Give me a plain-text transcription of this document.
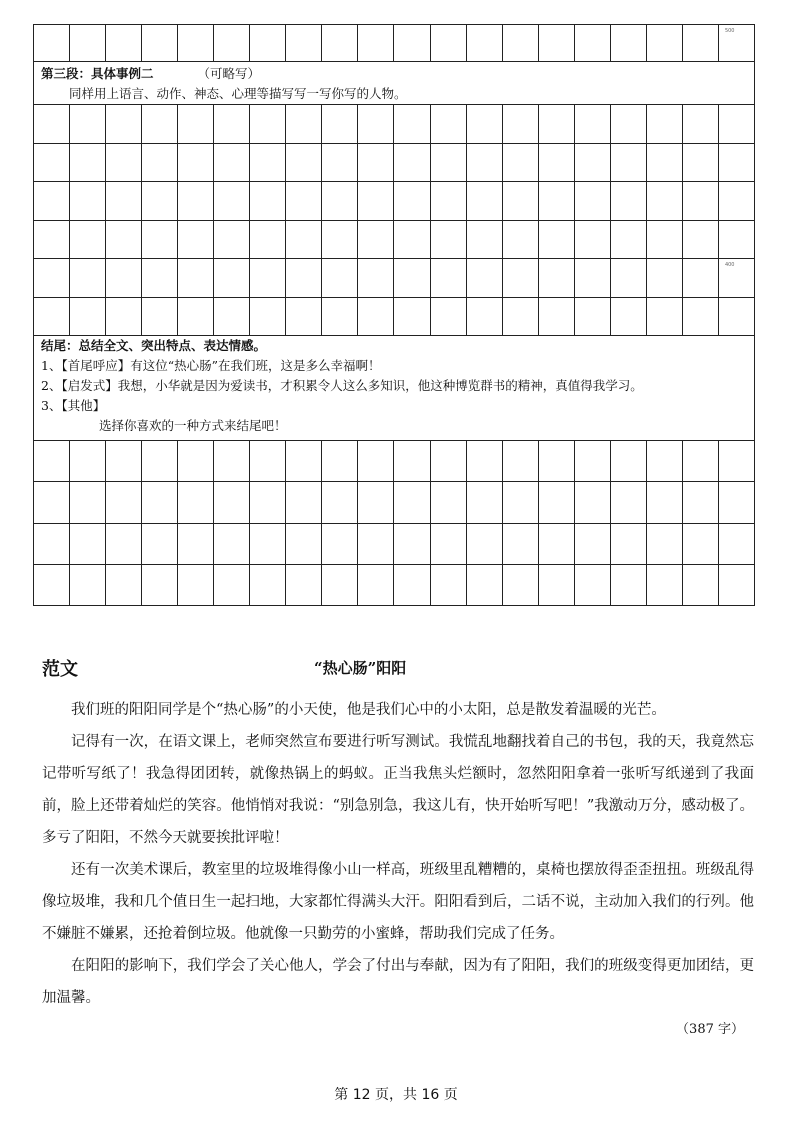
500
第三段：具体事例二	（可略写）
同样用上语言、动作、神态、心理等描写写一写你写的人物。
400
结尾：总结全文、突出特点、表达情感。
1、【首尾呼应】有这位“热心肠”在我们班，这是多么幸福啊！
2、【启发式】我想，小华就是因为爱读书，才积累令人这么多知识，他这种博览群书的精神，真值得我学习。
3、【其他】
选择你喜欢的一种方式来结尾吧！
范文	“热心肠”阳阳

我们班的阳阳同学是个“热心肠”的小天使，他是我们心中的小太阳，总是散发着温暖的光芒。

记得有一次，在语文课上，老师突然宣布要进行听写测试。我慌乱地翻找着自己的书包，我的天，我竟然忘记带听写纸了！我急得团团转，就像热锅上的蚂蚁。正当我焦头烂额时，忽然阳阳拿着一张听写纸递到了我面前，脸上还带着灿烂的笑容。他悄悄对我说：“别急别急，我这儿有，快开始听写吧！”我激动万分，感动极了。多亏了阳阳，不然今天就要挨批评啦！

还有一次美术课后，教室里的垃圾堆得像小山一样高，班级里乱糟糟的，桌椅也摆放得歪歪扭扭。班级乱得像垃圾堆，我和几个值日生一起扫地，大家都忙得满头大汗。阳阳看到后，二话不说，主动加入我们的行列。他不嫌脏不嫌累，还抢着倒垃圾。他就像一只勤劳的小蜜蜂，帮助我们完成了任务。

在阳阳的影响下，我们学会了关心他人，学会了付出与奉献，因为有了阳阳，我们的班级变得更加团结，更加温馨。

（387 字）
第 12 页，共 16 页
